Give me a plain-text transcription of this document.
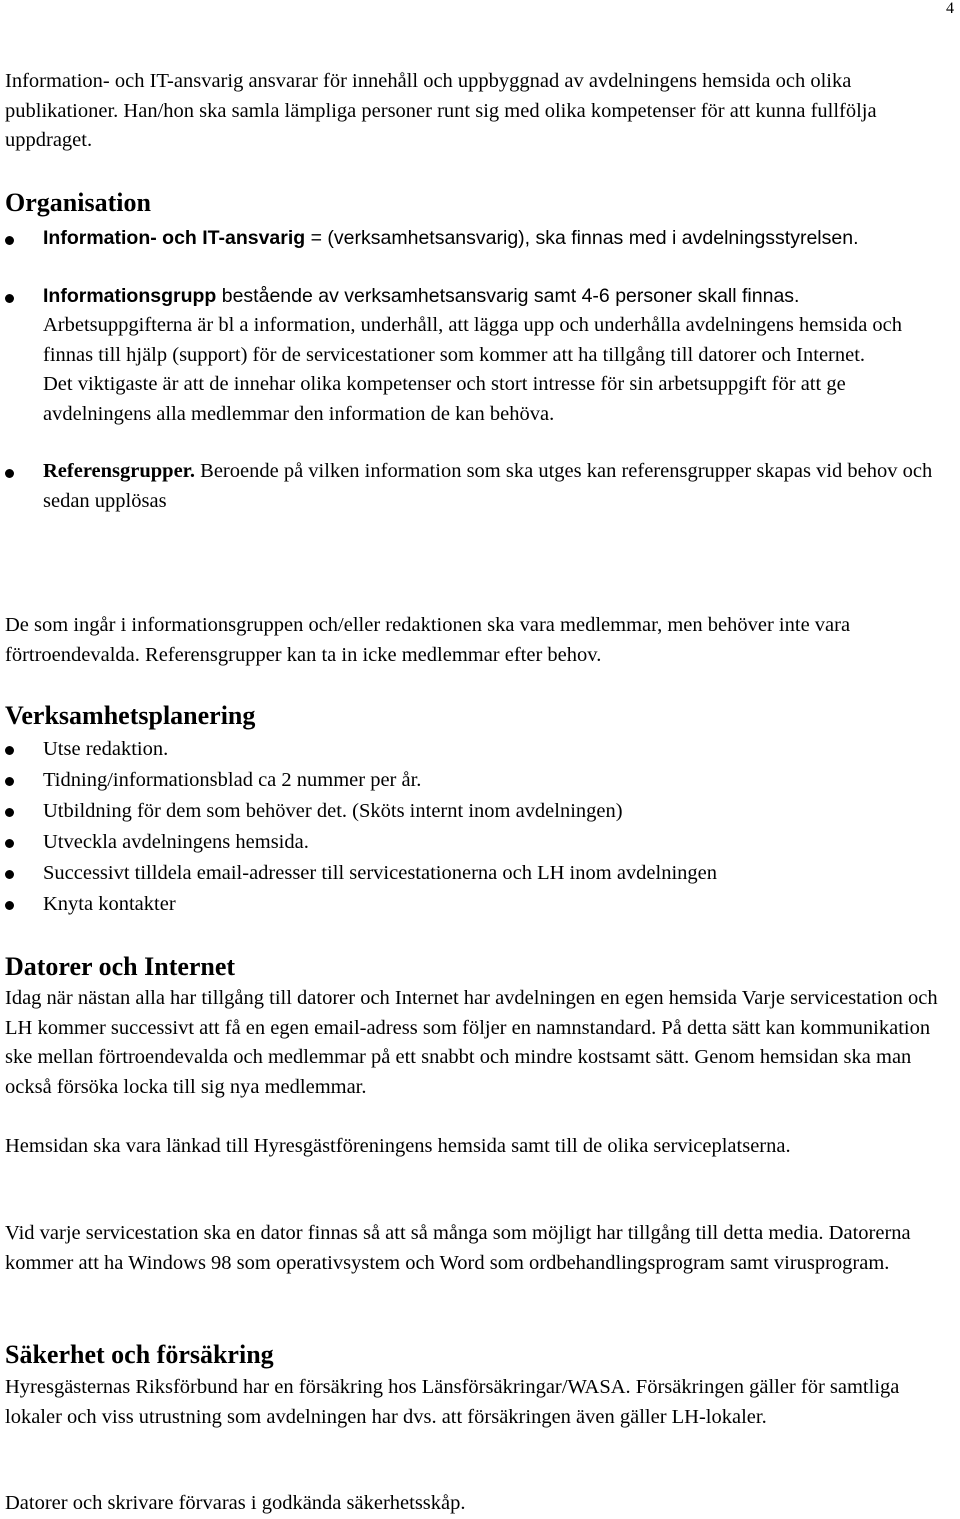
4

Information- och IT-ansvarig ansvarar för innehåll och uppbyggnad av avdelningens hemsida och olika publikationer. Han/hon ska samla lämpliga personer runt sig med olika kompetenser för att kunna fullfölja uppdraget.

Organisation
Information- och IT-ansvarig = (verksamhetsansvarig), ska finnas med i avdelningsstyrelsen.
Informationsgrupp bestående av verksamhetsansvarig samt 4-6 personer skall finnas.

Arbetsuppgifterna är bl a information, underhåll, att lägga upp och underhålla avdelningens hemsida och finnas till hjälp (support) för de servicestationer som kommer att ha tillgång till datorer och Internet.

Det viktigaste är att de innehar olika kompetenser och stort intresse för sin arbetsuppgift för att ge avdelningens alla medlemmar den information de kan behöva.

Referensgrupper. Beroende på vilken information som ska utges kan referensgrupper skapas vid behov och sedan upplösas

De som ingår i informationsgruppen och/eller redaktionen ska vara medlemmar, men behöver inte vara förtroendevalda. Referensgrupper kan ta in icke medlemmar efter behov.

Verksamhetsplanering
Utse redaktion.
Tidning/informationsblad ca 2 nummer per år.
Utbildning för dem som behöver det. (Sköts internt inom avdelningen)
Utveckla avdelningens hemsida.
Successivt tilldela email-adresser till servicestationerna och LH inom avdelningen
Knyta kontakter
Datorer och Internet

Idag när nästan alla har tillgång till datorer och Internet har avdelningen en egen hemsida Varje servicestation och LH kommer successivt att få en egen email-adress som följer en namnstandard. På detta sätt kan kommunikation ske mellan förtroendevalda och medlemmar på ett snabbt och mindre kostsamt sätt. Genom hemsidan ska man också försöka locka till sig nya medlemmar.

Hemsidan ska vara länkad till Hyresgästföreningens hemsida samt till de olika serviceplatserna.

Vid varje servicestation ska en dator finnas så att så många som möjligt har tillgång till detta media. Datorerna kommer att ha Windows 98 som operativsystem och Word som ordbehandlingsprogram samt virusprogram.

Säkerhet och försäkring

Hyresgästernas Riksförbund har en försäkring hos Länsförsäkringar/WASA. Försäkringen gäller för samtliga lokaler och viss utrustning som avdelningen har dvs. att försäkringen även gäller LH-lokaler.

Datorer och skrivare förvaras i godkända säkerhetsskåp.
